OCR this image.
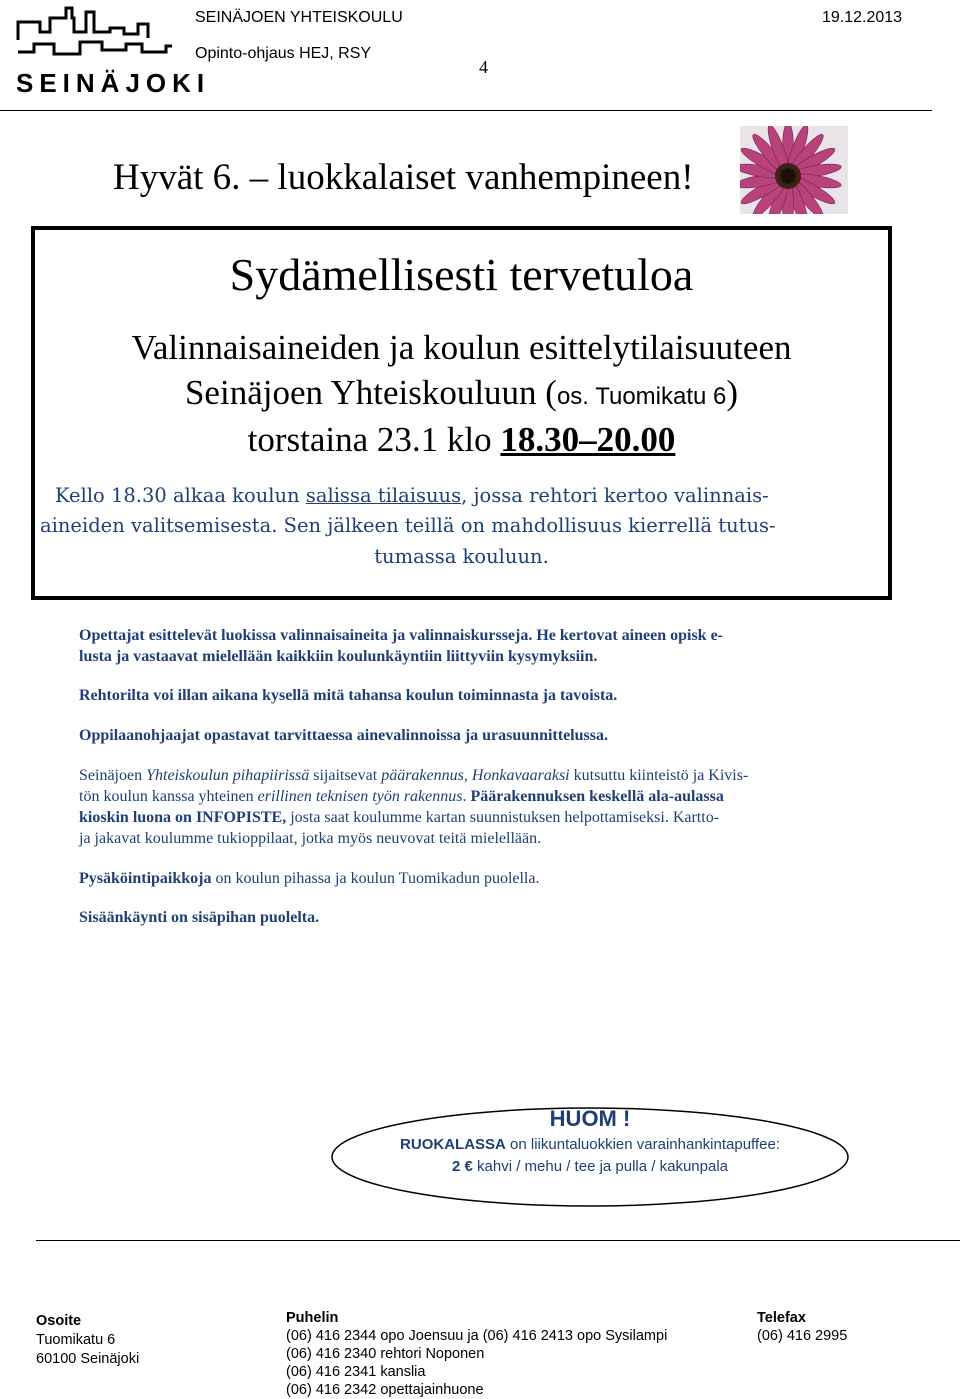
SEINÄJOKI
SEINÄJOEN YHTEISKOULU	19.12.2013
Opinto-ohjaus HEJ, RSY
4
Hyvät 6. – luokkalaiset vanhempineen!
Sydämellisesti tervetuloa
Valinnaisaineiden ja koulun esittelytilaisuuteen
Seinäjoen Yhteiskouluun (os. Tuomikatu 6)
torstaina 23.1 klo 18.30–20.00
Kello 18.30 alkaa koulun salissa tilaisuus, jossa rehtori kertoo valinnais-
aineiden valitsemisesta. Sen jälkeen teillä on mahdollisuus kierrellä tutus-
tumassa kouluun.
Opettajat esittelevät luokissa valinnaisaineita ja valinnaiskursseja. He kertovat aineen opisk e-
lusta ja vastaavat mielellään kaikkiin koulunkäyntiin liittyviin kysymyksiin.
Rehtorilta voi illan aikana kysellä mitä tahansa koulun toiminnasta ja tavoista.
Oppilaanohjaajat opastavat tarvittaessa ainevalinnoissa ja urasuunnittelussa.
Seinäjoen Yhteiskoulun pihapiirissä sijaitsevat päärakennus, Honkavaaraksi kutsuttu kiinteistö ja Kivis-
tön koulun kanssa yhteinen erillinen teknisen työn rakennus. Päärakennuksen keskellä ala-aulassa
kioskin luona on INFOPISTE, josta saat koulumme kartan suunnistuksen helpottamiseksi. Kartto-
ja jakavat koulumme tukioppilaat, jotka myös neuvovat teitä mielellään.
Pysäköintipaikkoja on koulun pihassa ja koulun Tuomikadun puolella.
Sisäänkäynti on sisäpihan puolelta.
HUOM !
RUOKALASSA on liikuntaluokkien varainhankintapuffee:
2 € kahvi / mehu / tee ja pulla / kakunpala
Osoite
Tuomikatu 6
60100 Seinäjoki
Puhelin
(06) 416 2344 opo Joensuu ja (06) 416 2413 opo Sysilampi
(06) 416 2340 rehtori Noponen
(06) 416 2341 kanslia
(06) 416 2342 opettajainhuone
Telefax
(06) 416 2995
